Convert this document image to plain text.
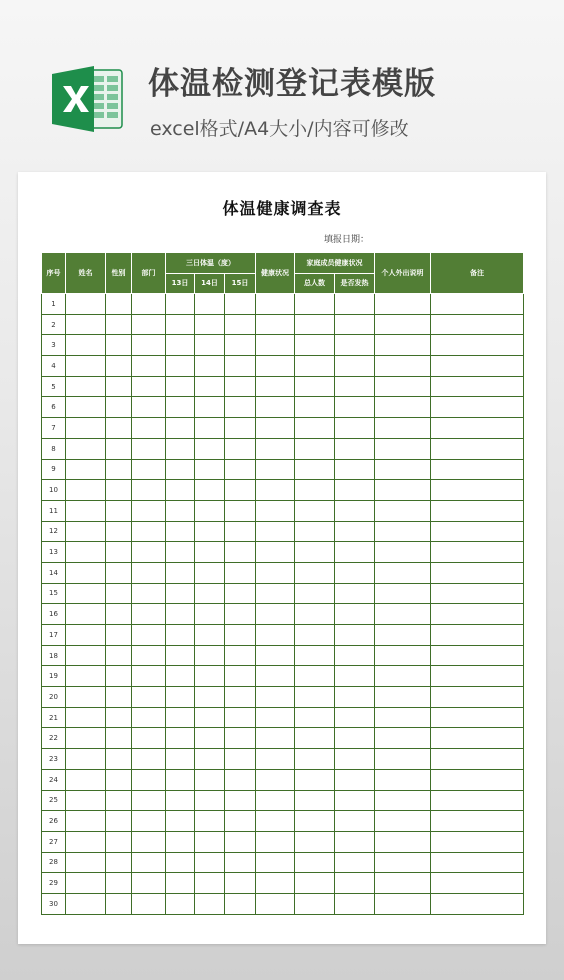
体温检测登记表模版
excel格式/A4大小/内容可修改
体温健康调查表
填报日期：
序号	姓名	性别	部门	三日体温（度）			健康状况	家庭成员健康状况		个人外出说明	备注
				13日	14日	15日		总人数	是否发热		
1											
2											
3											
4											
5											
6											
7											
8											
9											
10											
11											
12											
13											
14											
15											
16											
17											
18											
19											
20											
21											
22											
23											
24											
25											
26											
27											
28											
29											
30											
